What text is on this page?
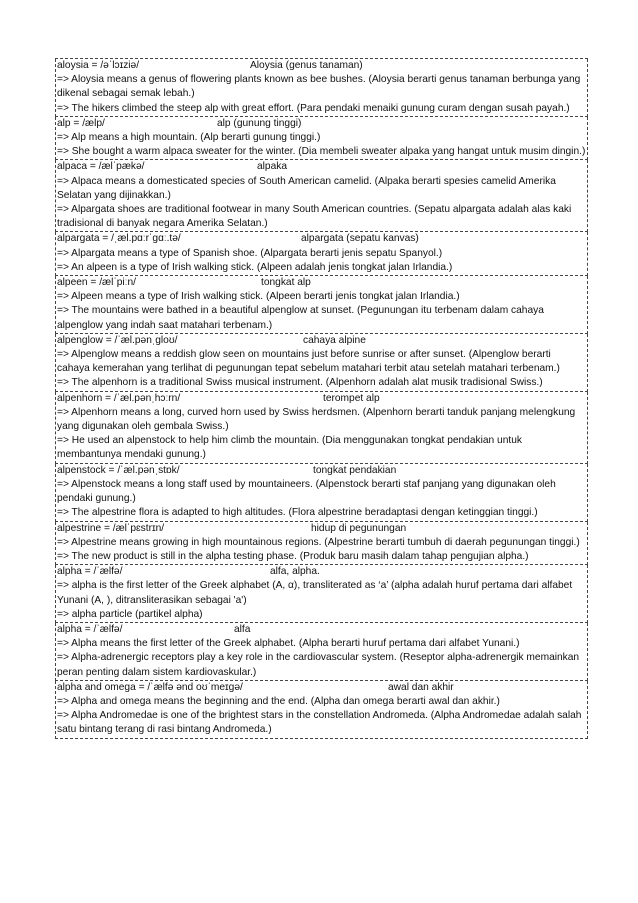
aloysia = /əˈlɔɪziə/	Aloysia (genus tanaman)

=> Aloysia means a genus of flowering plants known as bee bushes. (Aloysia berarti genus tanaman berbunga yang dikenal sebagai semak lebah.)

=> The hikers climbed the steep alp with great effort. (Para pendaki menaiki gunung curam dengan susah payah.)

alp = /ælp/	alp (gunung tinggi)

=> Alp means a high mountain. (Alp berarti gunung tinggi.)

=> She bought a warm alpaca sweater for the winter. (Dia membeli sweater alpaka yang hangat untuk musim dingin.)

alpaca = /ælˈpækə/	alpaka

=> Alpaca means a domesticated species of South American camelid. (Alpaka berarti spesies camelid Amerika Selatan yang dijinakkan.)

=> Alpargata shoes are traditional footwear in many South American countries. (Sepatu alpargata adalah alas kaki tradisional di banyak negara Amerika Selatan.)

alpargata = /ˌæl.pɑːrˈɡɑː.tə/	alpargata (sepatu kanvas)

=> Alpargata means a type of Spanish shoe. (Alpargata berarti jenis sepatu Spanyol.)

=> An alpeen is a type of Irish walking stick. (Alpeen adalah jenis tongkat jalan Irlandia.)

alpeen = /ælˈpiːn/	tongkat alp

=> Alpeen means a type of Irish walking stick. (Alpeen berarti jenis tongkat jalan Irlandia.)

=> The mountains were bathed in a beautiful alpenglow at sunset. (Pegunungan itu terbenam dalam cahaya alpenglow yang indah saat matahari terbenam.)

alpenglow = /ˈæl.pənˌɡloʊ/	cahaya alpine

=> Alpenglow means a reddish glow seen on mountains just before sunrise or after sunset. (Alpenglow berarti cahaya kemerahan yang terlihat di pegunungan tepat sebelum matahari terbit atau setelah matahari terbenam.)

=> The alpenhorn is a traditional Swiss musical instrument. (Alpenhorn adalah alat musik tradisional Swiss.)

alpenhorn = /ˈæl.pənˌhɔːrn/	terompet alp

=> Alpenhorn means a long, curved horn used by Swiss herdsmen. (Alpenhorn berarti tanduk panjang melengkung yang digunakan oleh gembala Swiss.)

=> He used an alpenstock to help him climb the mountain. (Dia menggunakan tongkat pendakian untuk membantunya mendaki gunung.)

alpenstock = /ˈæl.pənˌstɒk/	tongkat pendakian

=> Alpenstock means a long staff used by mountaineers. (Alpenstock berarti staf panjang yang digunakan oleh pendaki gunung.)

=> The alpestrine flora is adapted to high altitudes. (Flora alpestrine beradaptasi dengan ketinggian tinggi.)

alpestrine = /ælˈpɛstrɪn/	hidup di pegunungan

=> Alpestrine means growing in high mountainous regions. (Alpestrine berarti tumbuh di daerah pegunungan tinggi.)

=> The new product is still in the alpha testing phase. (Produk baru masih dalam tahap pengujian alpha.)

alpha = /ˈælfə/	alfa, alpha.

=> alpha is the first letter of the Greek alphabet (A, α), transliterated as ‘a’ (alpha adalah huruf pertama dari alfabet Yunani (A, ), ditransliterasikan sebagai 'a')

=> alpha particle (partikel alpha)

alpha = /ˈælfə/	alfa

=> Alpha means the first letter of the Greek alphabet. (Alpha berarti huruf pertama dari alfabet Yunani.)

=> Alpha-adrenergic receptors play a key role in the cardiovascular system. (Reseptor alpha-adrenergik memainkan peran penting dalam sistem kardiovaskular.)

alpha and omega = /ˈælfə ənd oʊˈmeɪɡə/	awal dan akhir

=> Alpha and omega means the beginning and the end. (Alpha dan omega berarti awal dan akhir.)

=> Alpha Andromedae is one of the brightest stars in the constellation Andromeda. (Alpha Andromedae adalah salah satu bintang terang di rasi bintang Andromeda.)
